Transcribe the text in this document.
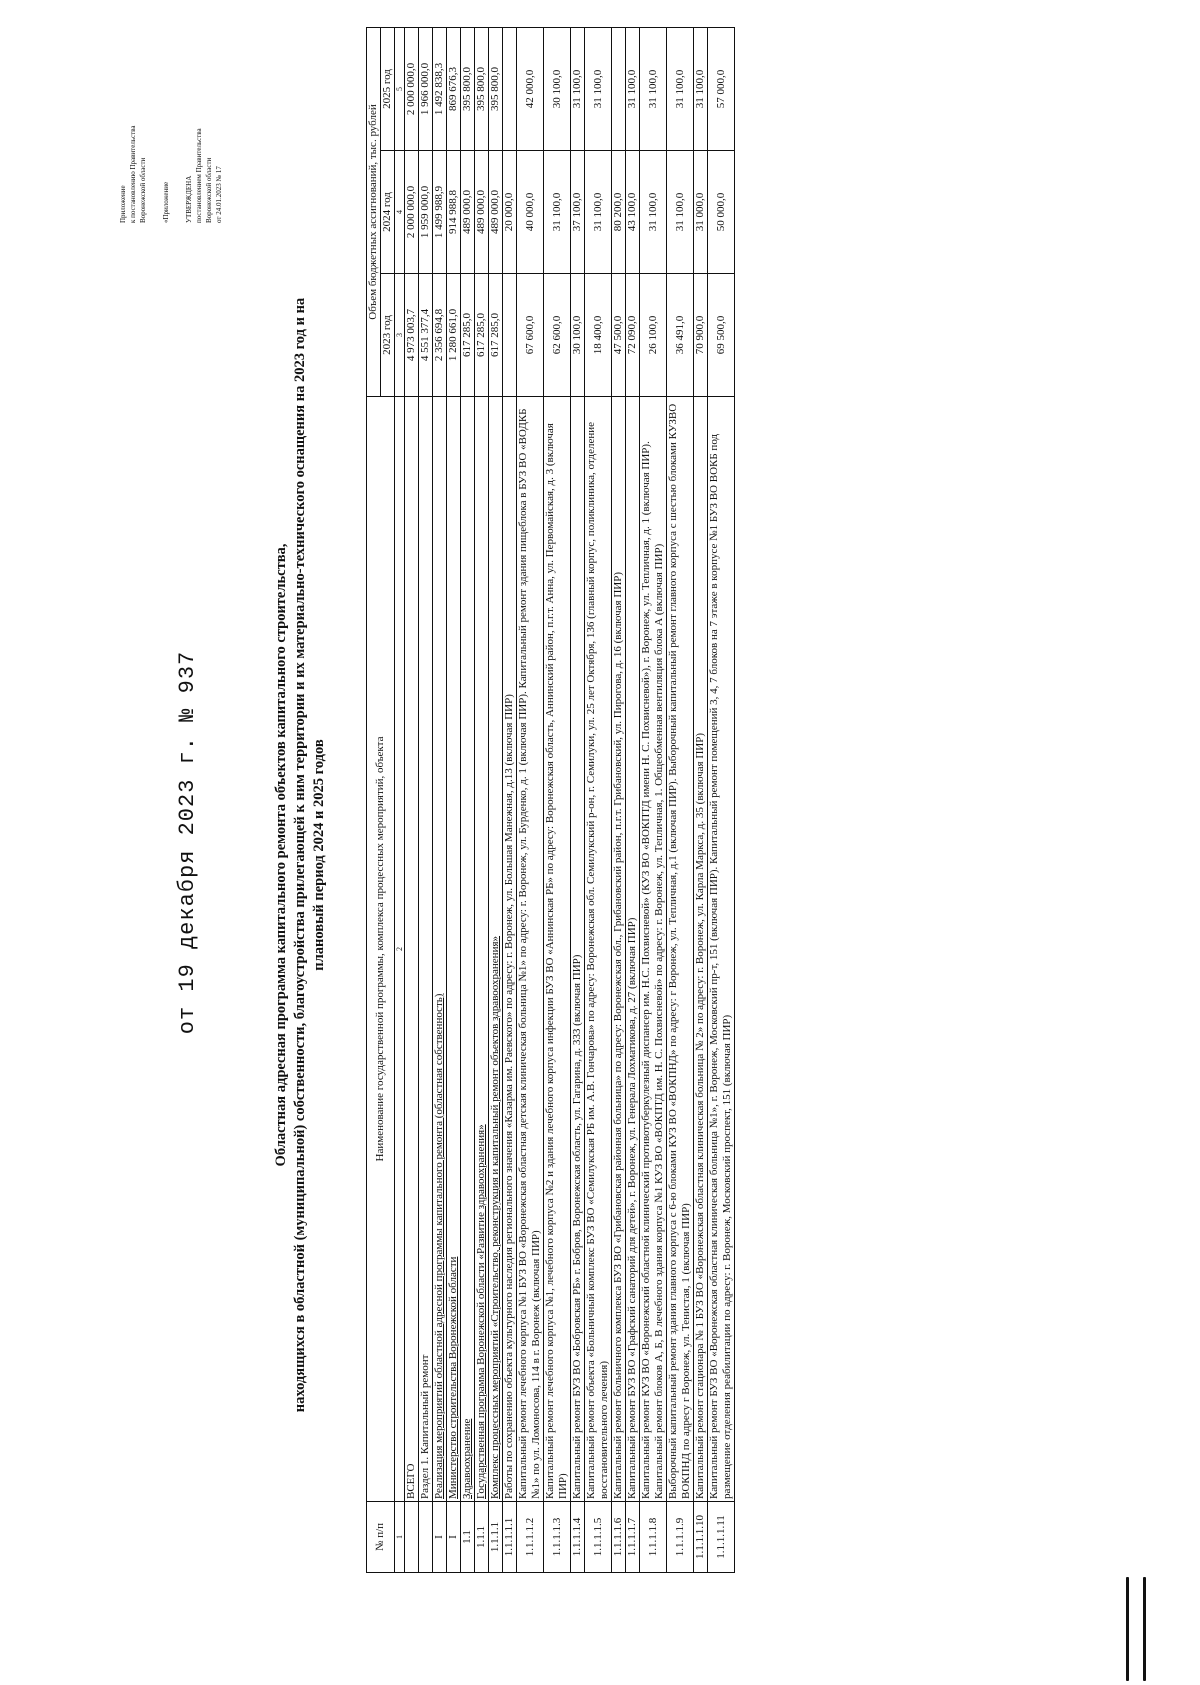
Приложение к постановлению Правительства Воронежской области «Приложение УТВЕРЖДЕНА постановлением Правительства Воронежской области от 24.01.2023 № 17
от 19 декабря 2023 г. № 937	Областная адресная программа капитального ремонта объектов капитального строительства, находящихся в областной (муниципальной) собственности, благоустройства прилегающей к ним территории и их материально-технического оснащения на 2023 год и на плановый период 2024 и 2025 годов
№ п/п	Наименование государственной программы, комплекса процессных мероприятий, объекта	Объем бюджетных ассигнований, тыс. рублей		
		2023 год	2024 год	2025 год
1	2	3	4	5
	ВСЕГО	4 973 003,7	2 000 000,0	2 000 000,0
	Раздел 1. Капитальный ремонт	4 551 377,4	1 959 000,0	1 966 000,0
I	Реализация мероприятий областной адресной программы капитального ремонта (областная собственность)	2 356 694,8	1 499 988,9	1 492 838,3
I	Министерство строительства Воронежской области	1 280 661,0	914 988,8	869 676,3
1.1	Здравоохранение	617 285,0	489 000,0	395 800,0
1.1.1	Государственная программа Воронежской области «Развитие здравоохранения»	617 285,0	489 000,0	395 800,0
1.1.1.1	Комплекс процессных мероприятий «Строительство, реконструкция и капитальный ремонт объектов здравоохранения»	617 285,0	489 000,0	395 800,0
1.1.1.1.1	Работы по сохранению объекта культурного наследия регионального значения «Казарма им. Раевского» по адресу: г. Воронеж, ул. Большая Манежная, д.13 (включая ПИР)		20 000,0	
1.1.1.1.2	Капитальный ремонт лечебного корпуса №1 БУЗ ВО «Воронежская областная детская клиническая больница №1» по адресу: г. Воронеж, ул. Бурденко, д. 1 (включая ПИР). Капитальный ремонт здания пищеблока в БУЗ ВО «ВОДКБ №1» по ул. Ломоносова, 114 в г. Воронеж (включая ПИР)	67 600,0	40 000,0	42 000,0
1.1.1.1.3	Капитальный ремонт лечебного корпуса №1, лечебного корпуса №2 и здания лечебного корпуса инфекции БУЗ ВО «Аннинская РБ» по адресу: Воронежская область, Аннинский район, п.г.т. Анна, ул. Первомайская, д. 3 (включая ПИР)	62 600,0	31 100,0	30 100,0
1.1.1.1.4	Капитальный ремонт БУЗ ВО «Бобровская РБ» г. Бобров, Воронежская область, ул. Гагарина, д. 333 (включая ПИР)	30 100,0	37 100,0	31 100,0
1.1.1.1.5	Капитальный ремонт объекта «Больничный комплекс БУЗ ВО «Семилукская РБ им. А.В. Гончарова» по адресу: Воронежская обл. Семилукский р-он, г. Семилуки, ул. 25 лет Октября, 136 (главный корпус, поликлиника, отделение восстановительного лечения)	18 400,0	31 100,0	31 100,0
1.1.1.1.6	Капитальный ремонт больничного комплекса БУЗ ВО «Грибановская районная больница» по адресу: Воронежская обл., Грибановский район, п.г.т. Грибановский, ул. Пирогова, д. 16 (включая ПИР)	47 500,0	80 200,0	
1.1.1.1.7	Капитальный ремонт БУЗ ВО «Графский санаторий для детей», г. Воронеж, ул. Генерала Лохматикова, д. 27 (включая ПИР)	72 090,0	43 100,0	31 100,0
1.1.1.1.8	Капитальный ремонт КУЗ ВО «Воронежский областной клинический противотуберкулезный диспансер им. Н.С. Похвисневой» (КУЗ ВО «ВОКПТД имени Н. С. Похвисневой»), г. Воронеж, ул. Тепличная, д. 1 (включая ПИР). Капитальный ремонт блоков А, Б, В лечебного здания корпуса №1 КУЗ ВО «ВОКПТД им. Н. С. Похвисневой» по адресу: г. Воронеж, ул. Тепличная, 1. Общеобменная вентиляция блока А (включая ПИР)	26 100,0	31 100,0	31 100,0
1.1.1.1.9	Выборочный капитальный ремонт здания главного корпуса с 6-ю блоками КУЗ ВО «ВОКПНД» по адресу: г Воронеж, ул. Тепличная, д.1 (включая ПИР). Выборочный капитальный ремонт главного корпуса с шестью блоками КУЗВО ВОКПНД по адресу г Воронеж, ул. Тенистая, 1 (включая ПИР)	36 491,0	31 100,0	31 100,0
1.1.1.1.10	Капитальный ремонт стационара № 1 БУЗ ВО «Воронежская областная клиническая больница № 2» по адресу: г. Воронеж, ул. Карла Маркса, д. 35 (включая ПИР)	70 900,0	31 000,0	31 100,0
1.1.1.1.11	Капитальный ремонт БУЗ ВО «Воронежская областная клиническая больница №1», г. Воронеж, Московский пр-т, 151 (включая ПИР). Капитальный ремонт помещений 3, 4, 7 блоков на 7 этаже в корпусе №1 БУЗ ВО ВОКБ под размещение отделения реабилитации по адресу: г. Воронеж, Московский проспект, 151 (включая ПИР)	69 500,0	50 000,0	57 000,0
